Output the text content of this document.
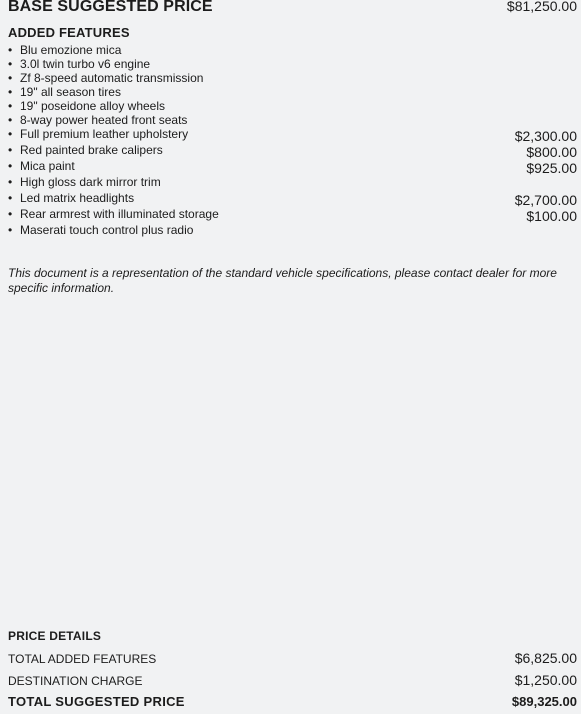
BASE SUGGESTED PRICE	$81,250.00
ADDED FEATURES
• Blu emozione mica
• 3.0l twin turbo v6 engine
• Zf 8-speed automatic transmission
• 19" all season tires
• 19" poseidone alloy wheels
• 8-way power heated front seats
• Full premium leather upholstery	$2,300.00
• Red painted brake calipers	$800.00
• Mica paint	$925.00
• High gloss dark mirror trim
• Led matrix headlights	$2,700.00
• Rear armrest with illuminated storage	$100.00
• Maserati touch control plus radio
This document is a representation of the standard vehicle specifications, please contact dealer for more specific information.
PRICE DETAILS
TOTAL ADDED FEATURES	$6,825.00
DESTINATION CHARGE	$1,250.00
TOTAL SUGGESTED PRICE	$89,325.00
